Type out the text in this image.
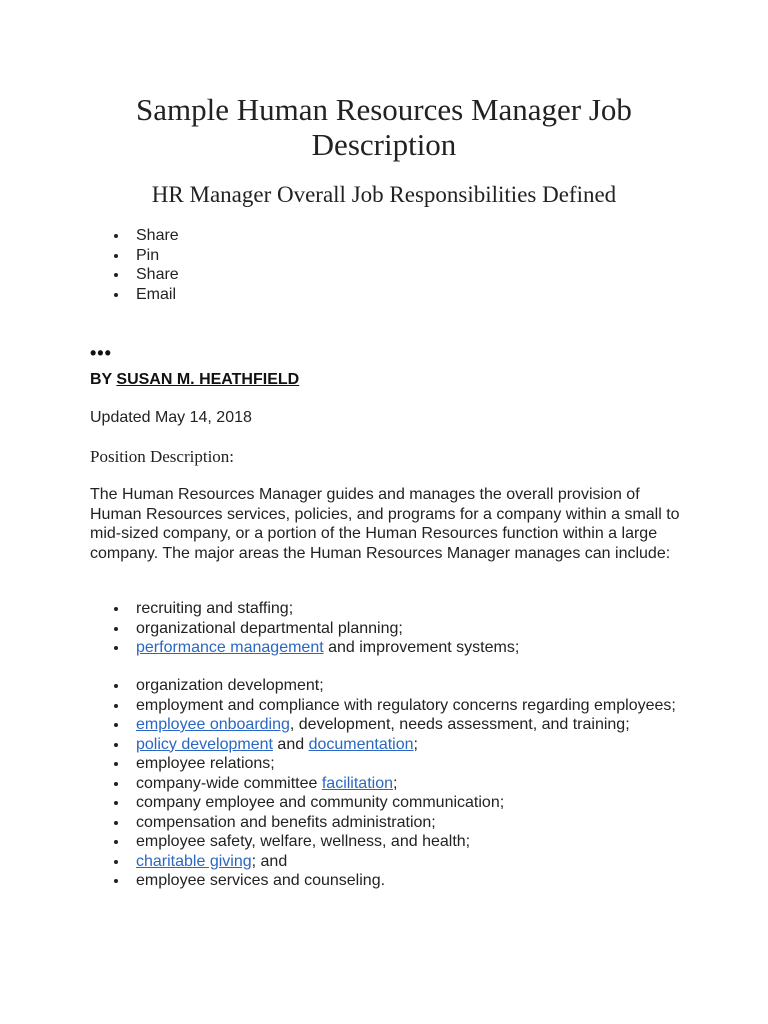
Sample Human Resources Manager Job Description
HR Manager Overall Job Responsibilities Defined
Share
Pin
Share
Email
•••
BY SUSAN M. HEATHFIELD
Updated May 14, 2018
Position Description:

The Human Resources Manager guides and manages the overall provision of Human Resources services, policies, and programs for a company within a small to mid-sized company, or a portion of the Human Resources function within a large company. The major areas the Human Resources Manager manages can include:

recruiting and staffing;
organizational departmental planning;
performance management and improvement systems;
organization development;
employment and compliance with regulatory concerns regarding employees;
employee onboarding, development, needs assessment, and training;
policy development and documentation;
employee relations;
company-wide committee facilitation;
company employee and community communication;
compensation and benefits administration;
employee safety, welfare, wellness, and health;
charitable giving; and
employee services and counseling.
